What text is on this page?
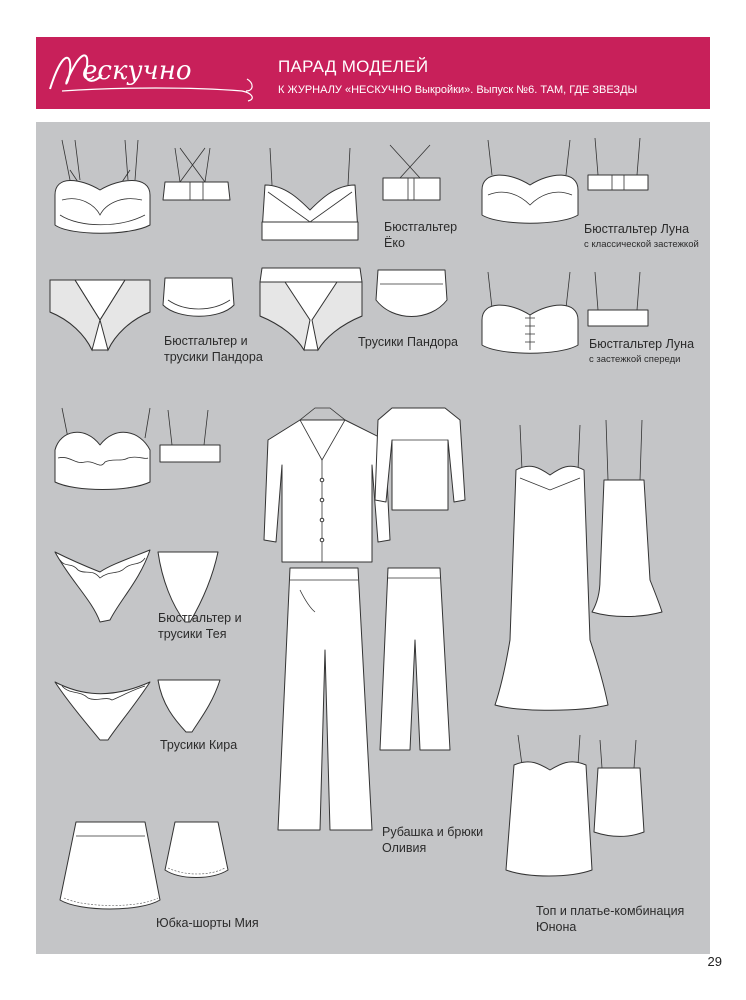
ескучно	ПАРАД МОДЕЛЕЙ
К ЖУРНАЛУ «НЕСКУЧНО Выкройки». Выпуск №6. ТАМ, ГДЕ ЗВЕЗДЫ
Бюстгальтер
Ёко
Бюстгальтер Луна
с классической застежкой
Бюстгальтер и
трусики Пандора
Трусики Пандора	Бюстгальтер Луна
с застежкой спереди
Бюстгальтер и
трусики Тея
Трусики Кира
Рубашка и брюки
Оливия
Юбка-шорты Мия
Топ и платье-комбинация
Юнона
29
